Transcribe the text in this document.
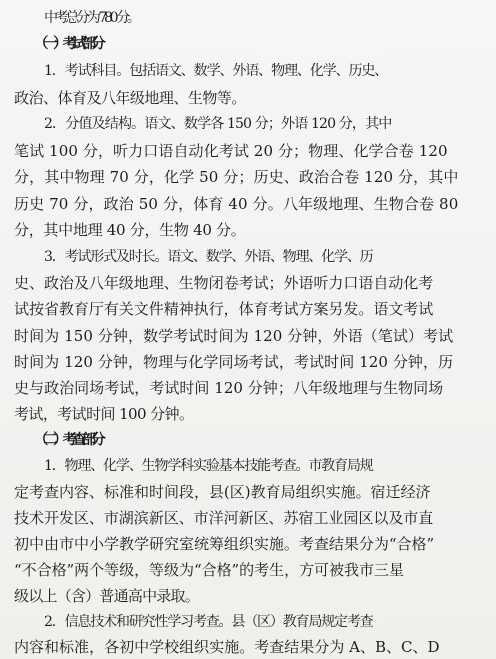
中考总分为 780 分。
（一）考试部分
1．考试科目。包括语文、数学、外语、物理、化学、历史、
政治、体育及八年级地理、生物等。
2．分值及结构。语文、数学各 150 分；外语 120 分，其中
笔试 100 分，听力口语自动化考试 20 分；物理、化学合卷 120
分，其中物理 70 分，化学 50 分；历史、政治合卷 120 分，其中
历史 70 分，政治 50 分，体育 40 分。八年级地理、生物合卷 80
分，其中地理 40 分，生物 40 分。
3．考试形式及时长。语文、数学、外语、物理、化学、历
史、政治及八年级地理、生物闭卷考试；外语听力口语自动化考
试按省教育厅有关文件精神执行，体育考试方案另发。语文考试
时间为 150 分钟，数学考试时间为 120 分钟，外语（笔试）考试
时间为 120 分钟，物理与化学同场考试，考试时间 120 分钟，历
史与政治同场考试，考试时间 120 分钟；八年级地理与生物同场
考试，考试时间 100 分钟。
（二）考查部分
1．物理、化学、生物学科实验基本技能考查。市教育局规
定考查内容、标准和时间段，县(区)教育局组织实施。宿迁经济
技术开发区、市湖滨新区、市洋河新区、苏宿工业园区以及市直
初中由市中小学教学研究室统筹组织实施。考查结果分为“合格”
“不合格”两个等级，等级为“合格”的考生，方可被我市三星
级以上（含）普通高中录取。
2．信息技术和研究性学习考查。县（区）教育局规定考查
内容和标准，各初中学校组织实施。考查结果分为 A、B、C、D
